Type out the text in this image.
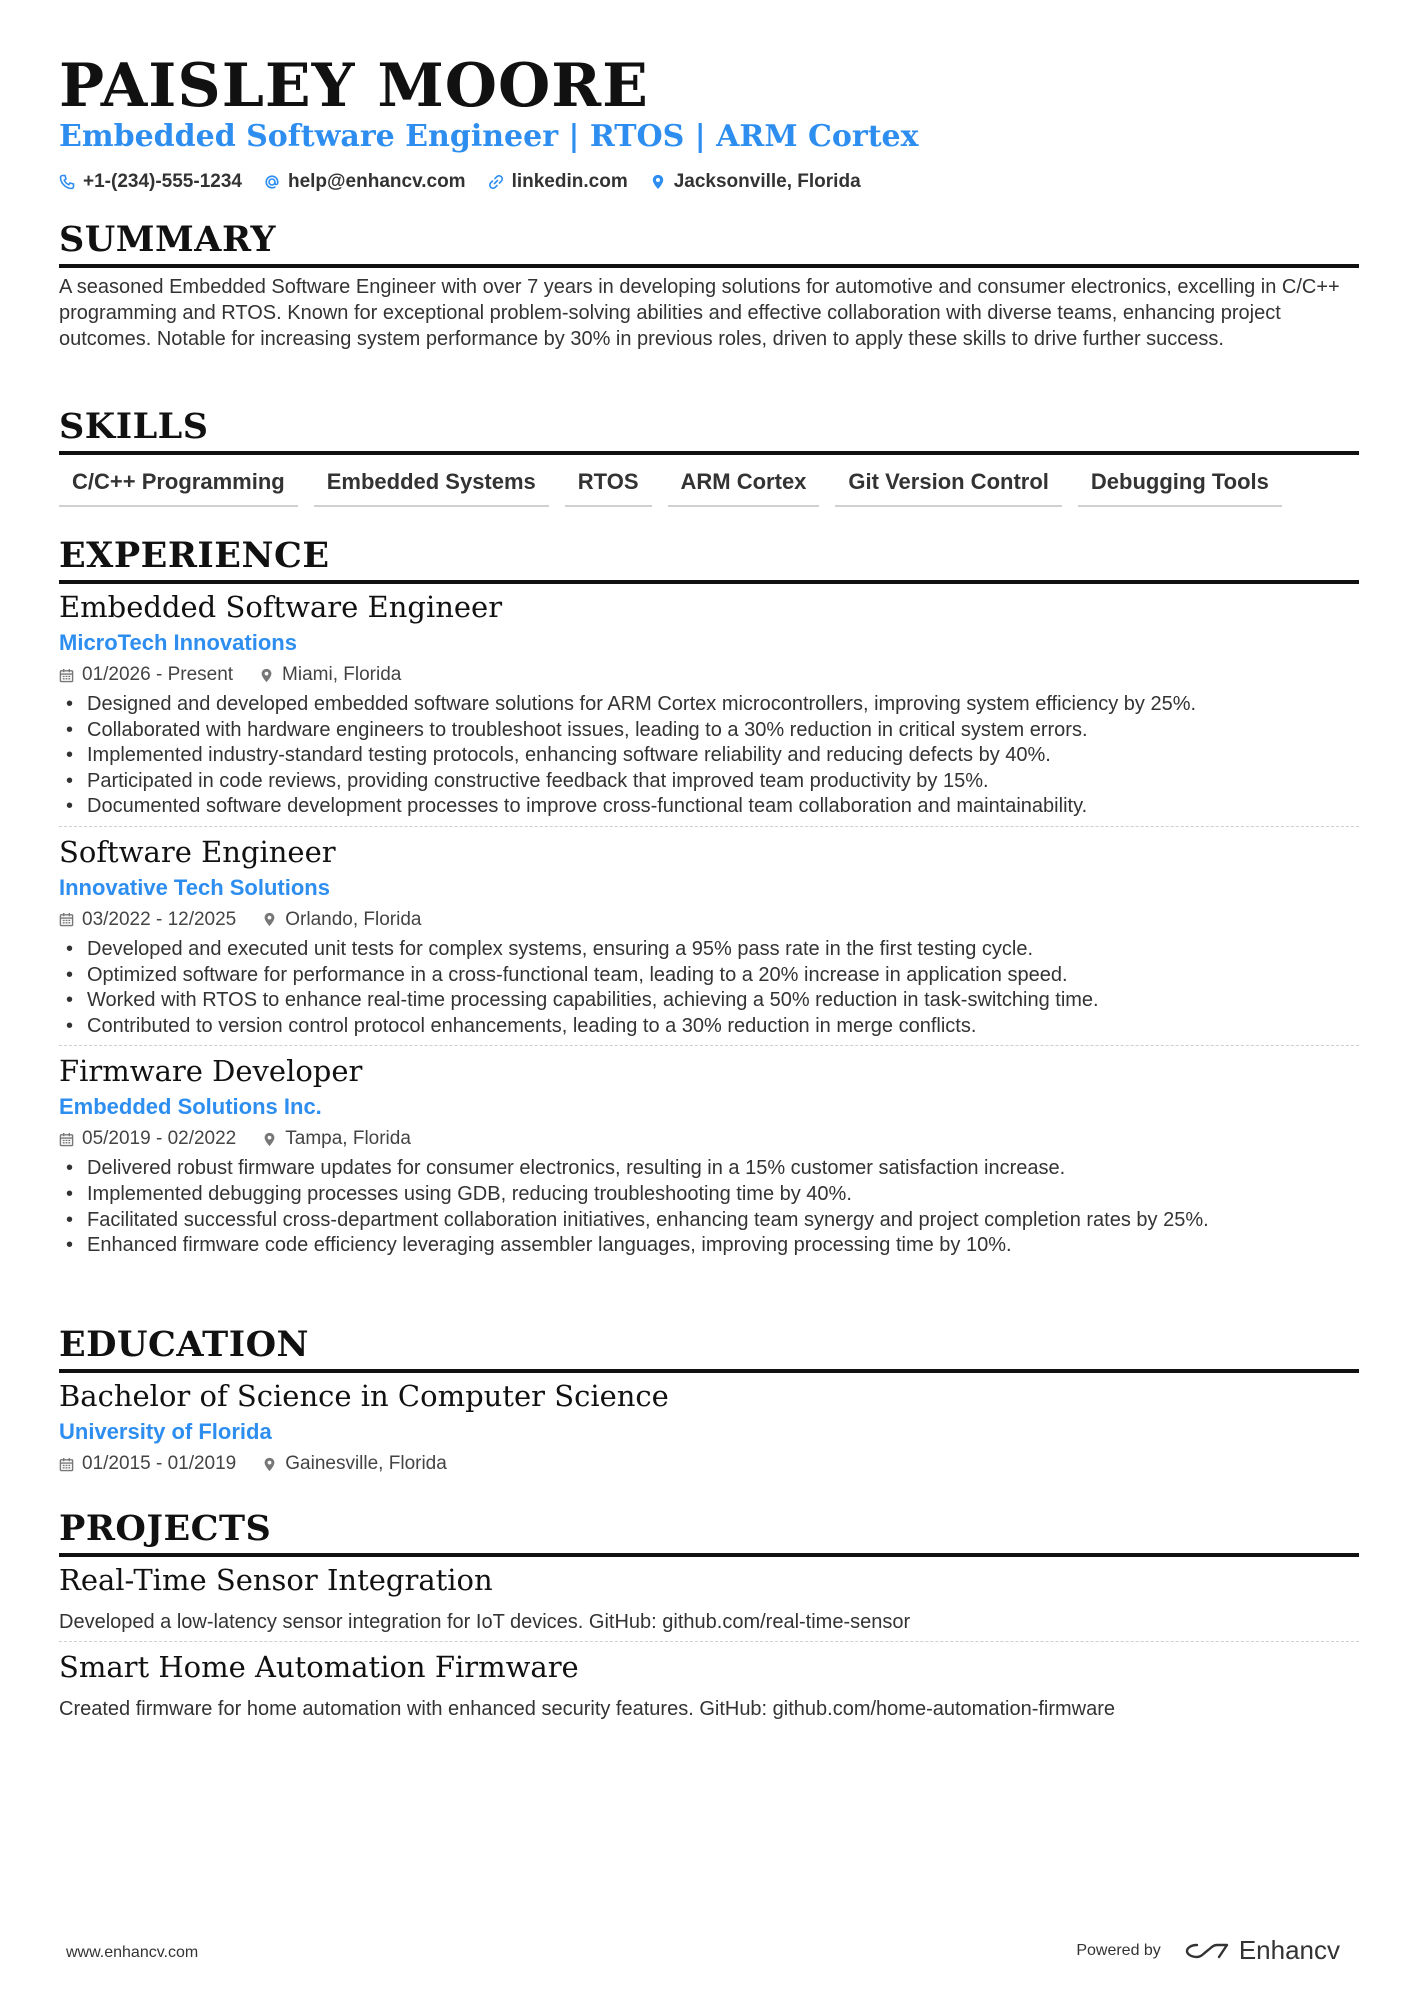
PAISLEY MOORE
Embedded Software Engineer | RTOS | ARM Cortex
+1-(234)-555-1234 help@enhancv.com linkedin.com Jacksonville, Florida
SUMMARY
A seasoned Embedded Software Engineer with over 7 years in developing solutions for automotive and consumer electronics, excelling in C/C++ programming and RTOS. Known for exceptional problem-solving abilities and effective collaboration with diverse teams, enhancing project outcomes. Notable for increasing system performance by 30% in previous roles, driven to apply these skills to drive further success.
SKILLS
C/C++ Programming	Embedded Systems	RTOS	ARM Cortex	Git Version Control	Debugging Tools
EXPERIENCE
Embedded Software Engineer
MicroTech Innovations
01/2026 - Present	Miami, Florida
• Designed and developed embedded software solutions for ARM Cortex microcontrollers, improving system efficiency by 25%.
• Collaborated with hardware engineers to troubleshoot issues, leading to a 30% reduction in critical system errors.
• Implemented industry-standard testing protocols, enhancing software reliability and reducing defects by 40%.
• Participated in code reviews, providing constructive feedback that improved team productivity by 15%.
• Documented software development processes to improve cross-functional team collaboration and maintainability.
Software Engineer
Innovative Tech Solutions
03/2022 - 12/2025	Orlando, Florida
• Developed and executed unit tests for complex systems, ensuring a 95% pass rate in the first testing cycle.
• Optimized software for performance in a cross-functional team, leading to a 20% increase in application speed.
• Worked with RTOS to enhance real-time processing capabilities, achieving a 50% reduction in task-switching time.
• Contributed to version control protocol enhancements, leading to a 30% reduction in merge conflicts.
Firmware Developer
Embedded Solutions Inc.
05/2019 - 02/2022	Tampa, Florida
• Delivered robust firmware updates for consumer electronics, resulting in a 15% customer satisfaction increase.
• Implemented debugging processes using GDB, reducing troubleshooting time by 40%.
• Facilitated successful cross-department collaboration initiatives, enhancing team synergy and project completion rates by 25%.
• Enhanced firmware code efficiency leveraging assembler languages, improving processing time by 10%.
EDUCATION
Bachelor of Science in Computer Science
University of Florida
01/2015 - 01/2019	Gainesville, Florida
PROJECTS
Real-Time Sensor Integration
Developed a low-latency sensor integration for IoT devices. GitHub: github.com/real-time-sensor
Smart Home Automation Firmware
Created firmware for home automation with enhanced security features. GitHub: github.com/home-automation-firmware
www.enhancv.com	Powered by	Enhancv
